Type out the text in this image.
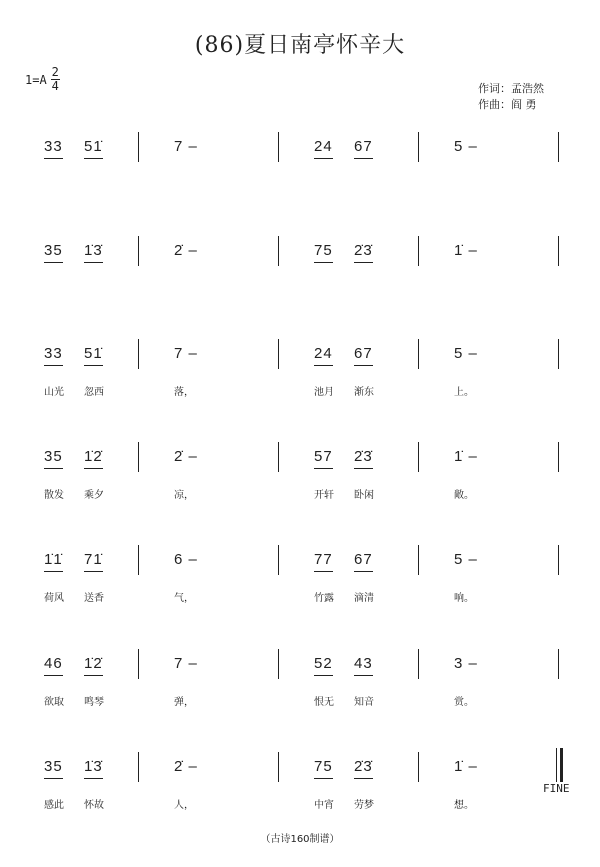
(86)夏日南亭怀辛大
$1=A \frac{2}{4}$	作词：孟浩然
作曲：阎 勇
33 51̇	7 –	24 67	5 –
35 1̇3̇	2̇ –	75 2̇3̇	1̇ –
33
山光
51̇
忽西
7 –
落，
24
池月
67
渐东
5 –
上。
35
散发
1̇2̇
乘夕
2̇ –
凉，
57
开轩
2̇3̇
卧闲
1̇ –
敞。
1̇1̇
荷风
71̇
送香
6 –
气，
77
竹露
67
滴清
5 –
响。
46
欲取
1̇2̇
鸣琴
7 –
弹，
52
恨无
43
知音
3 –
赏。
35
感此
1̇3̇
怀故
2̇ –
人，
75
中宵
2̇3̇
劳梦
1̇ –
想。
FINE
（古诗160制谱）
